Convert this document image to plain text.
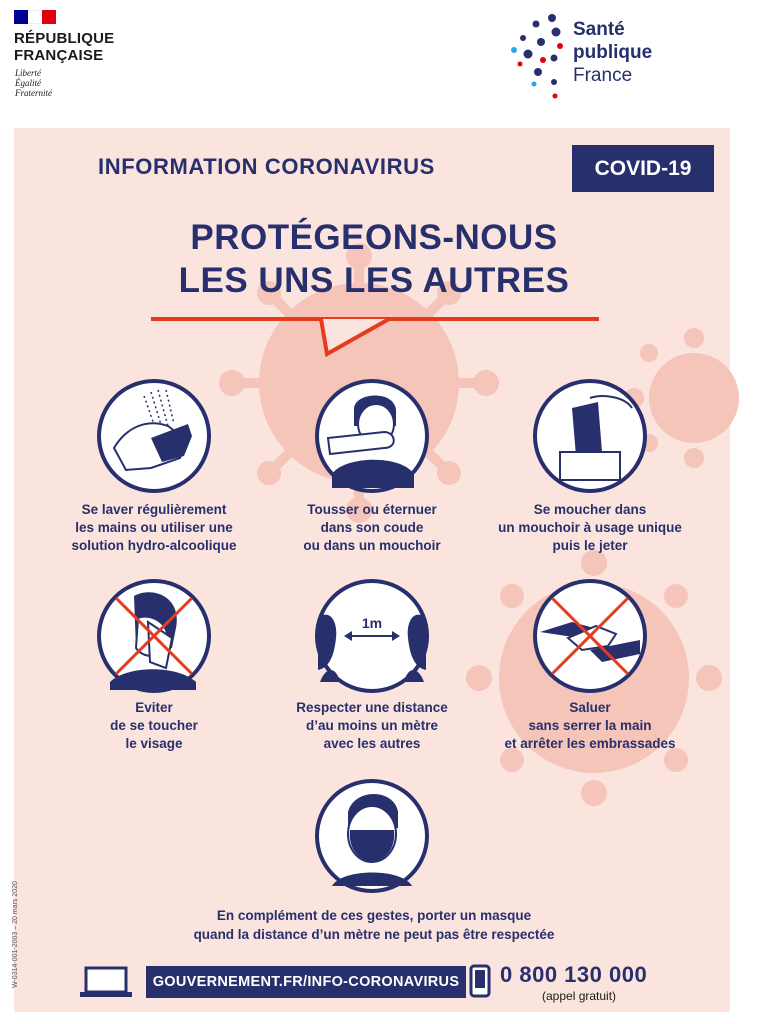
RÉPUBLIQUE
FRANÇAISE
Liberté
Égalité
Fraternité
Santé
publique
France
INFORMATION CORONAVIRUS	COVID-19
PROTÉGEONS-NOUS
LES UNS LES AUTRES
1m
Se laver régulièrement
les mains ou utiliser une
solution hydro-alcoolique
Tousser ou éternuer
dans son coude
ou dans un mouchoir
Se moucher dans
un mouchoir à usage unique
puis le jeter
Eviter
de se toucher
le visage
Respecter une distance
d’au moins un mètre
avec les autres
Saluer
sans serrer la main
et arrêter les embrassades
En complément de ces gestes, porter un masque
quand la distance d’un mètre ne peut pas être respectée
GOUVERNEMENT.FR/INFO-CORONAVIRUS	0 800 130 000
(appel gratuit)
W-0314-001-2003 – 20 mars 2020
